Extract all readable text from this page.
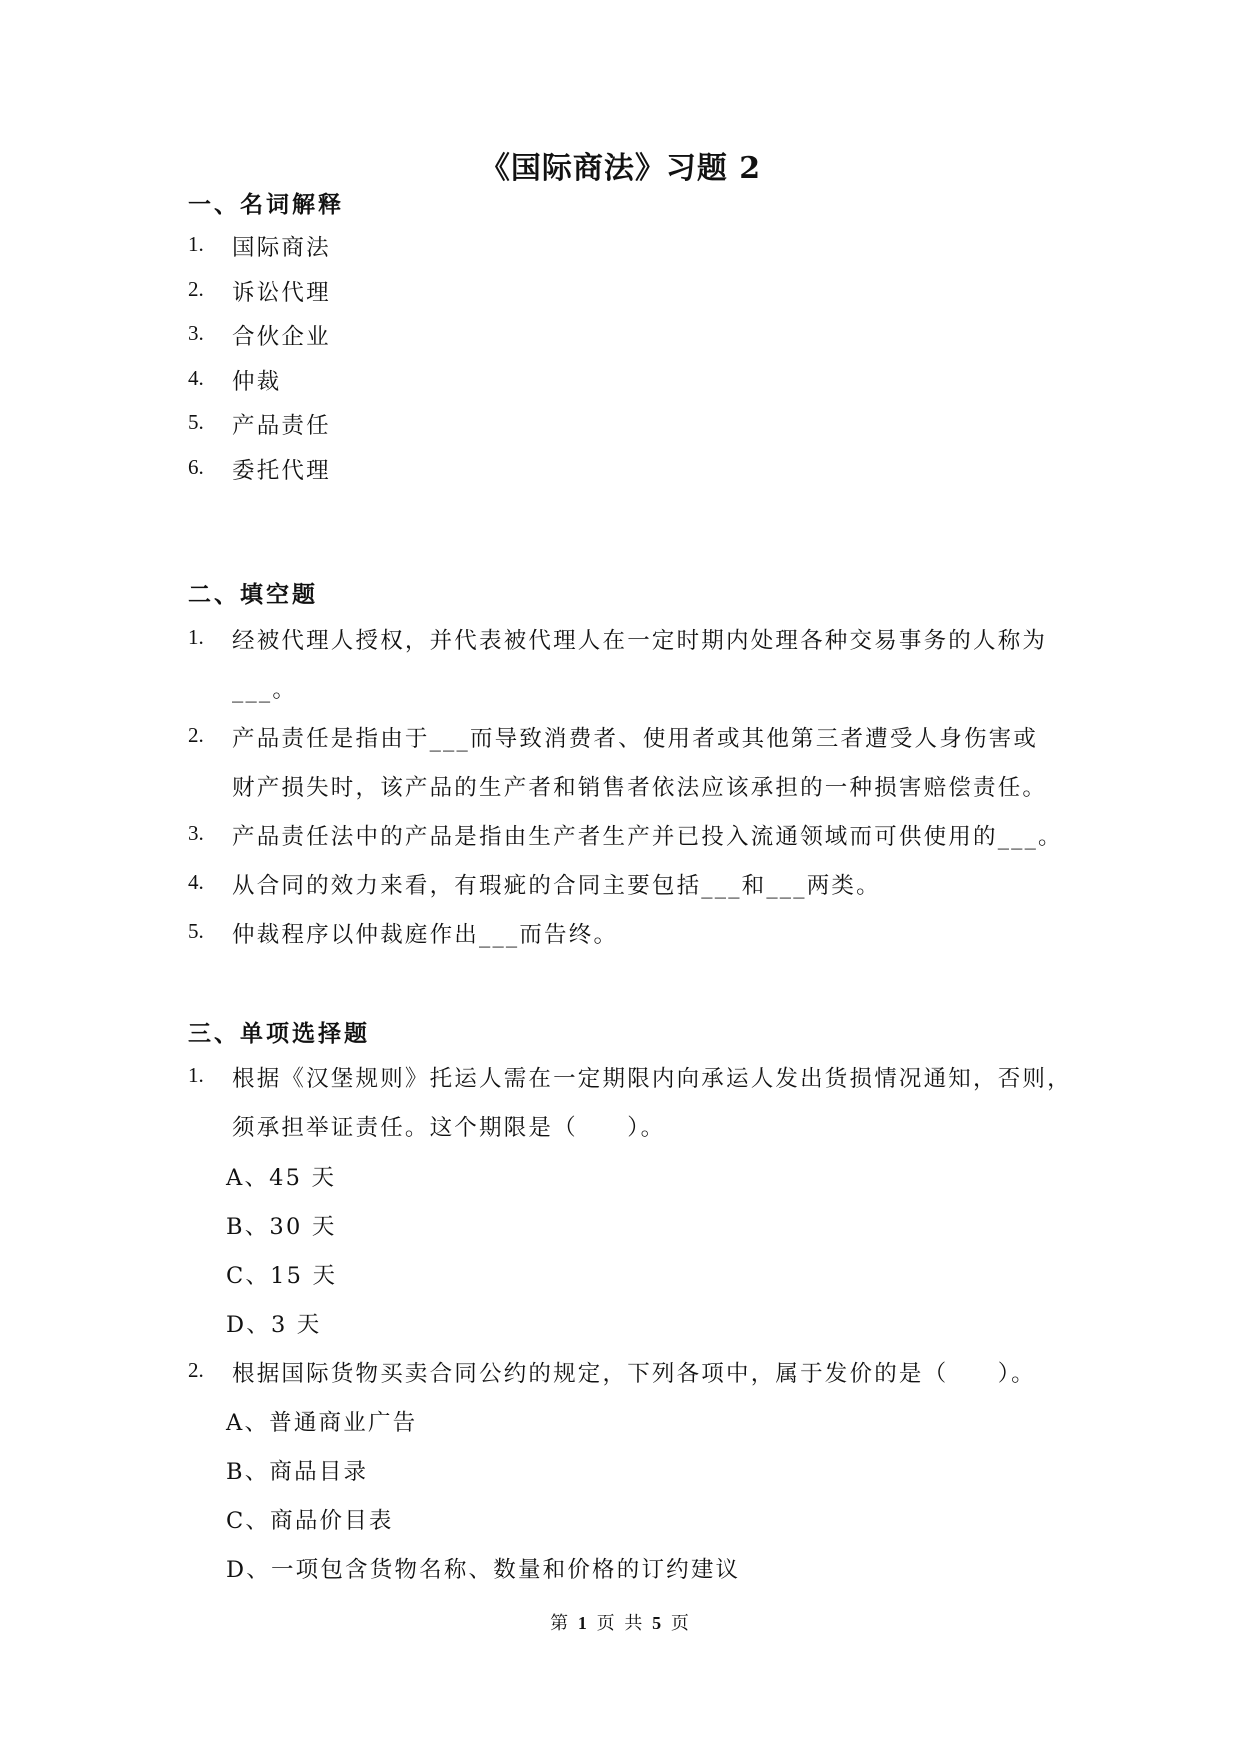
《国际商法》习题 2
一、名词解释
1. 国际商法
2. 诉讼代理
3. 合伙企业
4. 仲裁
5. 产品责任
6. 委托代理
二、填空题
1. 经被代理人授权，并代表被代理人在一定时期内处理各种交易事务的人称为
___。
2. 产品责任是指由于___而导致消费者、使用者或其他第三者遭受人身伤害或
财产损失时，该产品的生产者和销售者依法应该承担的一种损害赔偿责任。
3. 产品责任法中的产品是指由生产者生产并已投入流通领域而可供使用的___。
4. 从合同的效力来看，有瑕疵的合同主要包括___和___两类。
5. 仲裁程序以仲裁庭作出___而告终。
三、单项选择题
1. 根据《汉堡规则》托运人需在一定期限内向承运人发出货损情况通知，否则，
须承担举证责任。这个期限是（　　）。
A、45 天
B、30 天
C、15 天
D、3 天
2. 根据国际货物买卖合同公约的规定，下列各项中，属于发价的是（　　）。
A、普通商业广告
B、商品目录
C、商品价目表
D、一项包含货物名称、数量和价格的订约建议
第 1 页 共 5 页
